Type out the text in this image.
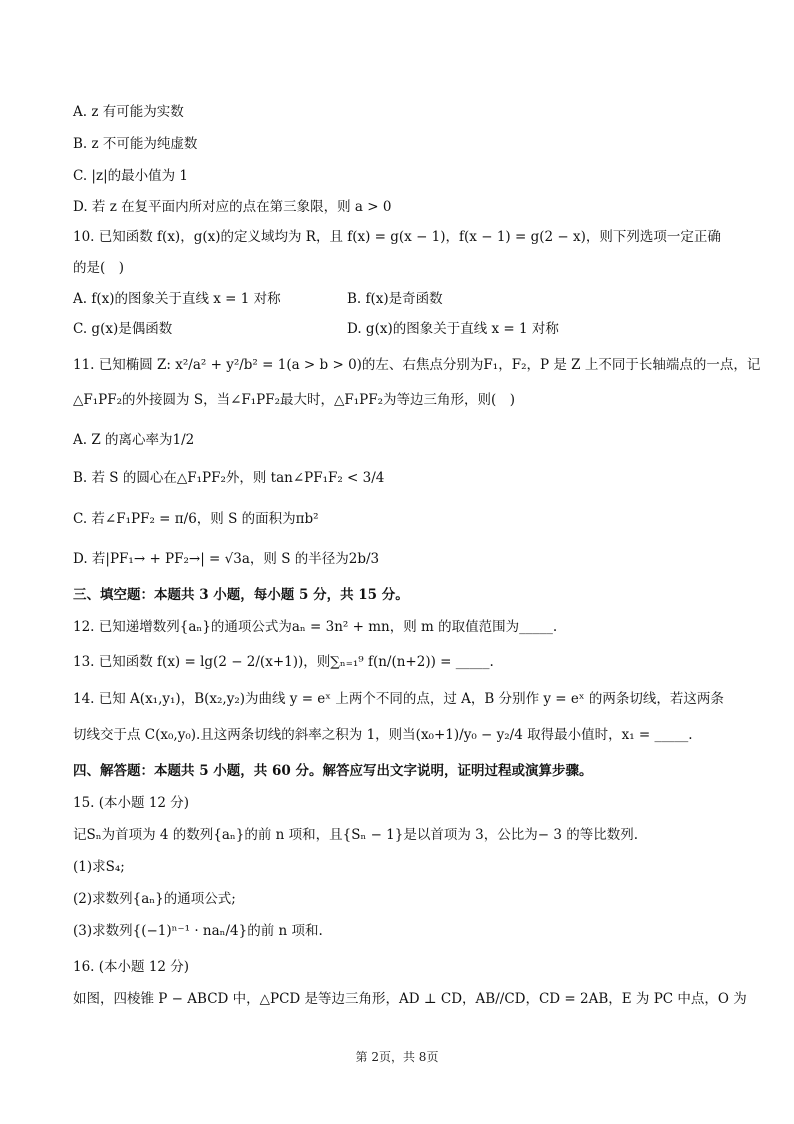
A. z 有可能为实数
B. z 不可能为纯虚数
C. |z|的最小值为 1
D. 若 z 在复平面内所对应的点在第三象限，则 a > 0
10. 已知函数 f(x)，g(x)的定义域均为 R，且 f(x) = g(x − 1)，f(x − 1) = g(2 − x)，则下列选项一定正确
的是(　)
A. f(x)的图象关于直线 x = 1 对称	B. f(x)是奇函数
C. g(x)是偶函数	D. g(x)的图象关于直线 x = 1 对称
11. 已知椭圆 Z: x²/a² + y²/b² = 1(a > b > 0)的左、右焦点分别为F₁，F₂，P 是 Z 上不同于长轴端点的一点，记
△F₁PF₂的外接圆为 S，当∠F₁PF₂最大时，△F₁PF₂为等边三角形，则(　)
A. Z 的离心率为1/2
B. 若 S 的圆心在△F₁PF₂外，则 tan∠PF₁F₂ < 3/4
C. 若∠F₁PF₂ = π/6，则 S 的面积为πb²
D. 若|PF₁→ + PF₂→| = √3a，则 S 的半径为2b/3
三、填空题：本题共 3 小题，每小题 5 分，共 15 分。
12. 已知递增数列{aₙ}的通项公式为aₙ = 3n² + mn，则 m 的取值范围为_____.
13. 已知函数 f(x) = lg(2 − 2/(x+1))，则∑ₙ₌₁⁹ f(n/(n+2)) = _____.
14. 已知 A(x₁,y₁)，B(x₂,y₂)为曲线 y = eˣ 上两个不同的点，过 A，B 分别作 y = eˣ 的两条切线，若这两条
切线交于点 C(x₀,y₀).且这两条切线的斜率之积为 1，则当(x₀+1)/y₀ − y₂/4 取得最小值时，x₁ = _____.
四、解答题：本题共 5 小题，共 60 分。解答应写出文字说明，证明过程或演算步骤。
15. (本小题 12 分)
记Sₙ为首项为 4 的数列{aₙ}的前 n 项和，且{Sₙ − 1}是以首项为 3，公比为− 3 的等比数列.
(1)求S₄;
(2)求数列{aₙ}的通项公式;
(3)求数列{(−1)ⁿ⁻¹ · naₙ/4}的前 n 项和.
16. (本小题 12 分)
如图，四棱锥 P − ABCD 中，△PCD 是等边三角形，AD ⊥ CD，AB//CD，CD = 2AB，E 为 PC 中点，O 为
第 2页，共 8页
